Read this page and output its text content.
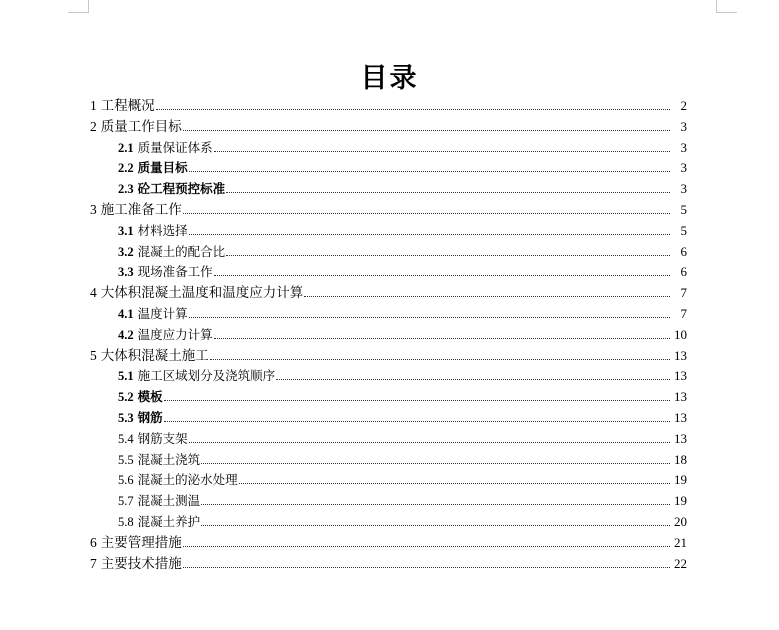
目录
1 工程概况	2
2 质量工作目标	3
2.1 质量保证体系	3
2.2 质量目标	3
2.3 砼工程预控标准	3
3 施工准备工作	5
3.1 材料选择	5
3.2 混凝土的配合比	6
3.3 现场准备工作	6
4 大体积混凝土温度和温度应力计算	7
4.1 温度计算	7
4.2 温度应力计算	10
5 大体积混凝土施工	13
5.1 施工区域划分及浇筑顺序	13
5.2 模板	13
5.3 钢筋	13
5.4 钢筋支架	13
5.5 混凝土浇筑	18
5.6 混凝土的泌水处理	19
5.7 混凝土测温	19
5.8 混凝土养护	20
6 主要管理措施	21
7 主要技术措施	22
